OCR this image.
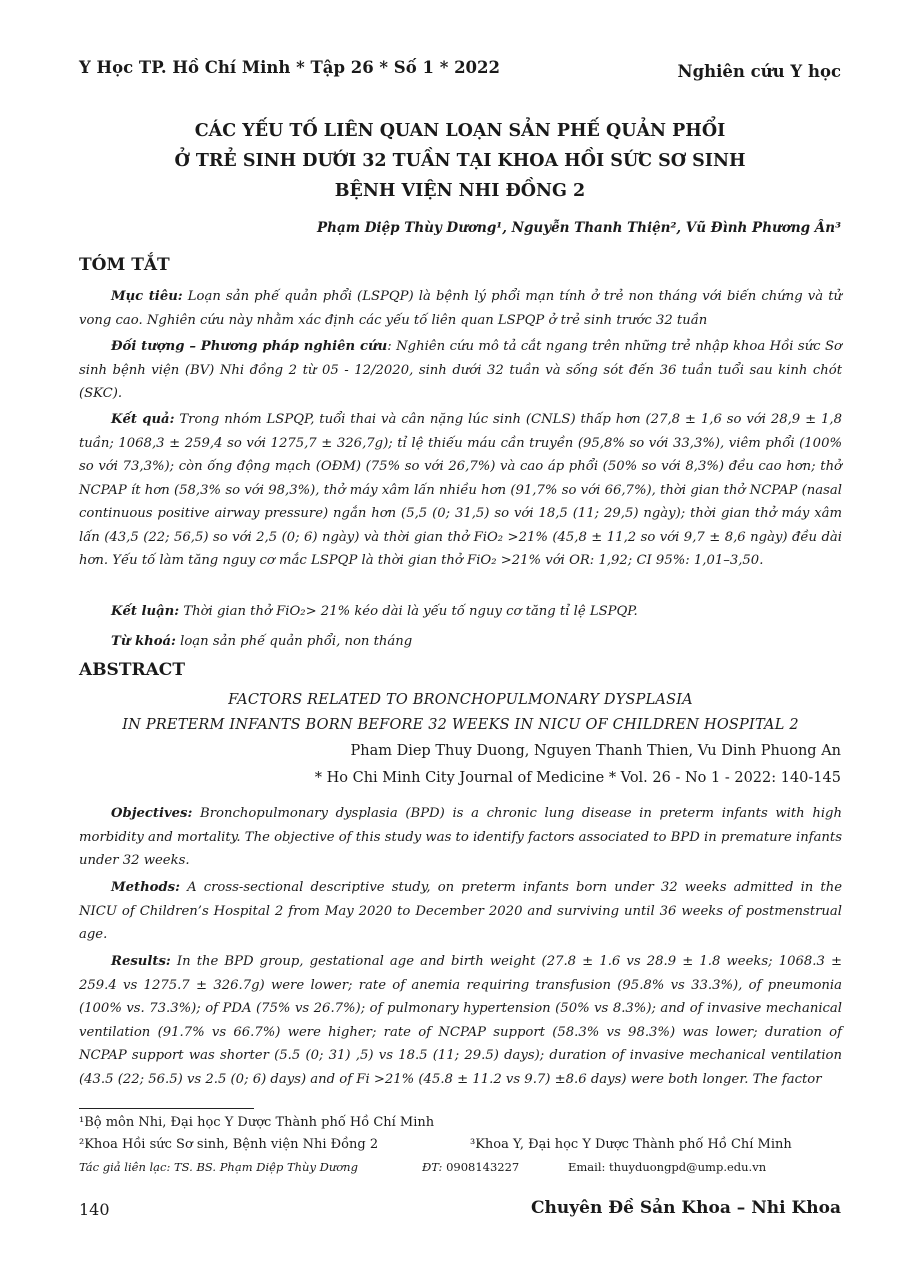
Y Học TP. Hồ Chí Minh * Tập 26 * Số 1 * 2022	Nghiên cứu Y học
CÁC YẾU TỐ LIÊN QUAN LOẠN SẢN PHẾ QUẢN PHỔI
Ở TRẺ SINH DƯỚI 32 TUẦN TẠI KHOA HỒI SỨC SƠ SINH
BỆNH VIỆN NHI ĐỒNG 2
Phạm Diệp Thùy Dương¹, Nguyễn Thanh Thiện², Vũ Đình Phương Ân³
TÓM TẮT
Mục tiêu: Loạn sản phế quản phổi (LSPQP) là bệnh lý phổi mạn tính ở trẻ non tháng với biến chứng và tử vong cao. Nghiên cứu này nhằm xác định các yếu tố liên quan LSPQP ở trẻ sinh trước 32 tuần
Đối tượng – Phương pháp nghiên cứu: Nghiên cứu mô tả cắt ngang trên những trẻ nhập khoa Hồi sức Sơ sinh bệnh viện (BV) Nhi đồng 2 từ 05 - 12/2020, sinh dưới 32 tuần và sống sót đến 36 tuần tuổi sau kinh chót (SKC).
Kết quả: Trong nhóm LSPQP, tuổi thai và cân nặng lúc sinh (CNLS) thấp hơn (27,8 ± 1,6 so với 28,9 ± 1,8 tuần; 1068,3 ± 259,4 so với 1275,7 ± 326,7g); tỉ lệ thiếu máu cần truyền (95,8% so với 33,3%), viêm phổi (100% so với 73,3%); còn ống động mạch (OĐM) (75% so với 26,7%) và cao áp phổi (50% so với 8,3%) đều cao hơn; thở NCPAP ít hơn (58,3% so với 98,3%), thở máy xâm lấn nhiều hơn (91,7% so với 66,7%), thời gian thở NCPAP (nasal continuous positive airway pressure) ngắn hơn (5,5 (0; 31,5) so với 18,5 (11; 29,5) ngày); thời gian thở máy xâm lấn (43,5 (22; 56,5) so với 2,5 (0; 6) ngày) và thời gian thở FiO₂ >21% (45,8 ± 11,2 so với 9,7 ± 8,6 ngày) đều dài hơn. Yếu tố làm tăng nguy cơ mắc LSPQP là thời gian thở FiO₂ >21% với OR: 1,92; CI 95%: 1,01–3,50.
Kết luận: Thời gian thở FiO₂> 21% kéo dài là yếu tố nguy cơ tăng tỉ lệ LSPQP.
Từ khoá: loạn sản phế quản phổi, non tháng
ABSTRACT
FACTORS RELATED TO BRONCHOPULMONARY DYSPLASIA
IN PRETERM INFANTS BORN BEFORE 32 WEEKS IN NICU OF CHILDREN HOSPITAL 2
Pham Diep Thuy Duong, Nguyen Thanh Thien, Vu Dinh Phuong An
* Ho Chi Minh City Journal of Medicine * Vol. 26 - No 1 - 2022: 140-145
Objectives: Bronchopulmonary dysplasia (BPD) is a chronic lung disease in preterm infants with high morbidity and mortality. The objective of this study was to identify factors associated to BPD in premature infants under 32 weeks.
Methods: A cross-sectional descriptive study, on preterm infants born under 32 weeks admitted in the NICU of Children’s Hospital 2 from May 2020 to December 2020 and surviving until 36 weeks of postmenstrual age.
Results: In the BPD group, gestational age and birth weight (27.8 ± 1.6 vs 28.9 ± 1.8 weeks; 1068.3 ± 259.4 vs 1275.7 ± 326.7g) were lower; rate of anemia requiring transfusion (95.8% vs 33.3%), of pneumonia (100% vs. 73.3%); of PDA (75% vs 26.7%); of pulmonary hypertension (50% vs 8.3%); and of invasive mechanical ventilation (91.7% vs 66.7%) were higher; rate of NCPAP support (58.3% vs 98.3%) was lower; duration of NCPAP support was shorter (5.5 (0; 31) ,5) vs 18.5 (11; 29.5) days); duration of invasive mechanical ventilation (43.5 (22; 56.5) vs 2.5 (0; 6) days) and of Fi >21% (45.8 ± 11.2 vs 9.7) ±8.6 days) were both longer. The factor
¹Bộ môn Nhi, Đại học Y Dược Thành phố Hồ Chí Minh
²Khoa Hồi sức Sơ sinh, Bệnh viện Nhi Đồng 2	³Khoa Y, Đại học Y Dược Thành phố Hồ Chí Minh
Tác giả liên lạc: TS. BS. Phạm Diệp Thùy Dương	ĐT: 0908143227	Email: thuyduongpd@ump.edu.vn
140	Chuyên Đề Sản Khoa – Nhi Khoa
